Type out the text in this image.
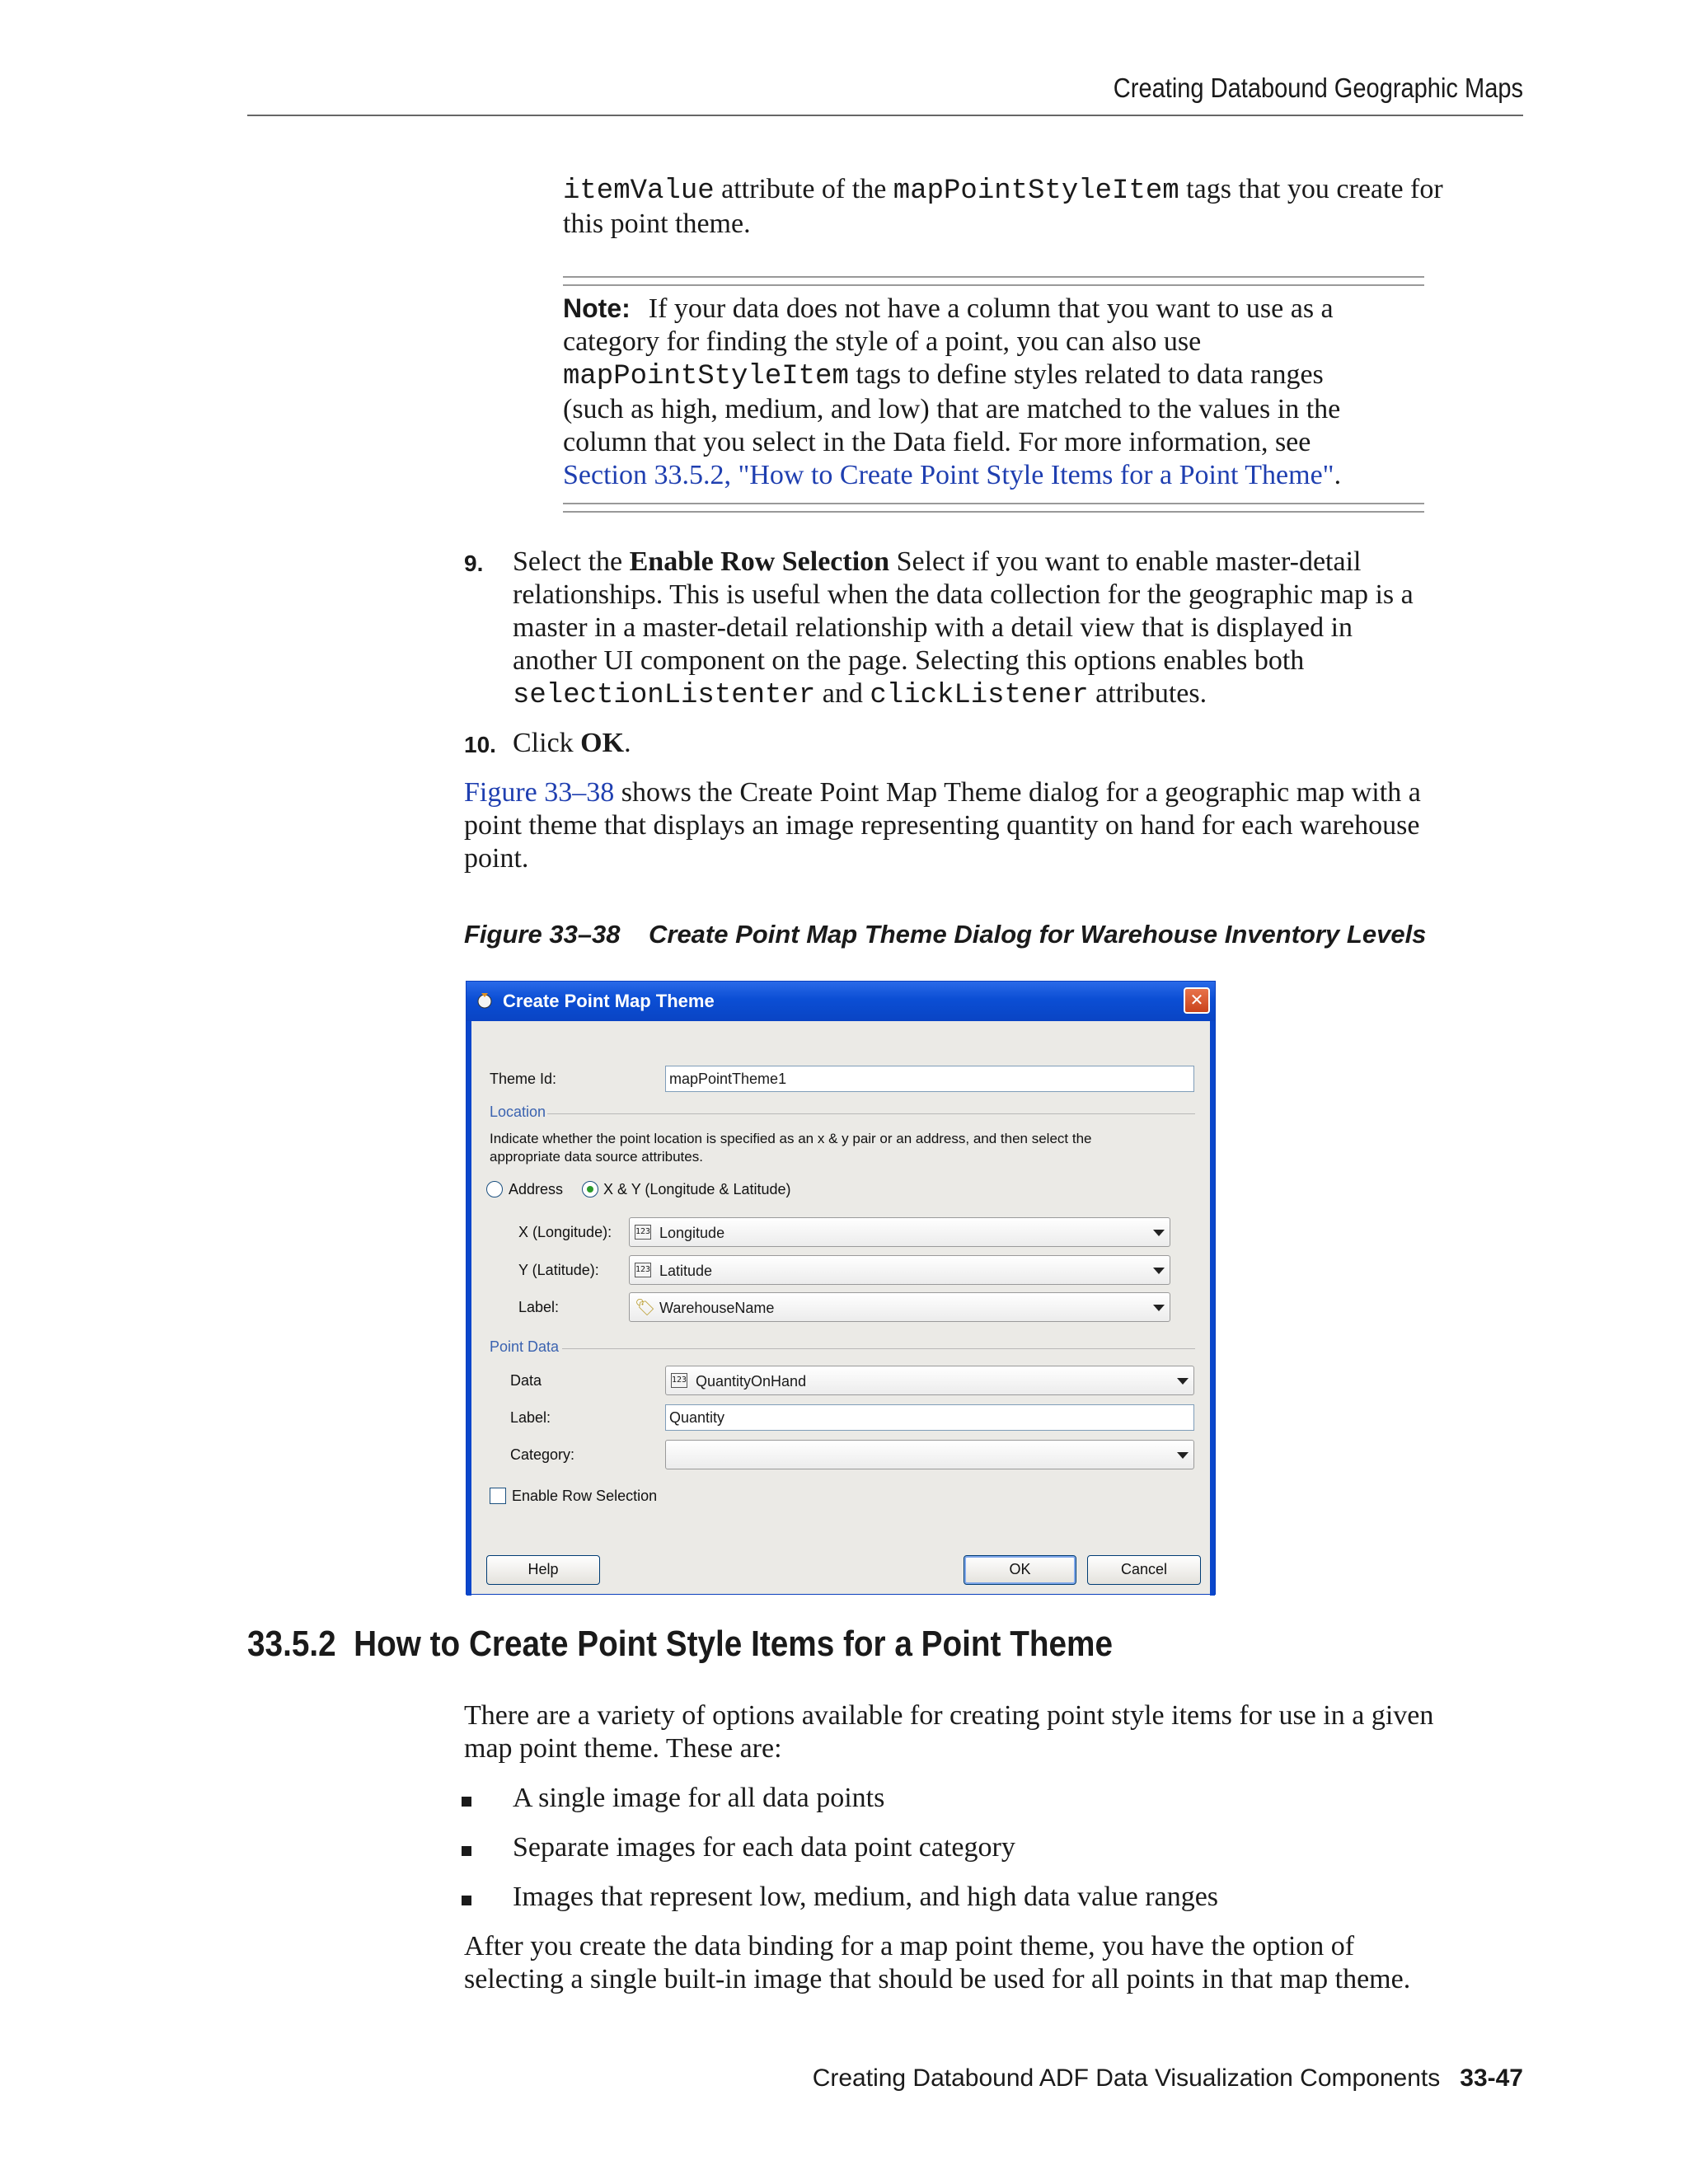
Creating Databound Geographic Maps
itemValue attribute of the mapPointStyleItem tags that you create for
this point theme.
Note: If your data does not have a column that you want to use as a
category for finding the style of a point, you can also use
mapPointStyleItem tags to define styles related to data ranges
(such as high, medium, and low) that are matched to the values in the
column that you select in the Data field. For more information, see
Section 33.5.2, "How to Create Point Style Items for a Point Theme".
9. Select the Enable Row Selection Select if you want to enable master-detail
relationships. This is useful when the data collection for the geographic map is a
master in a master-detail relationship with a detail view that is displayed in
another UI component on the page. Selecting this options enables both
selectionListenter and clickListener attributes.
10. Click OK.
Figure 33–38 shows the Create Point Map Theme dialog for a geographic map with a
point theme that displays an image representing quantity on hand for each warehouse
point.
Figure 33–38    Create Point Map Theme Dialog for Warehouse Inventory Levels
Create Point Map Theme	✕
Theme Id:	mapPointTheme1
Location
Indicate whether the point location is specified as an x & y pair or an address, and then select the
appropriate data source attributes.
Address	X & Y (Longitude & Latitude)
X (Longitude):	123 Longitude
Y (Latitude):	123 Latitude
Label:	🏷 WarehouseName
Point Data
Data	123 QuantityOnHand
Label:	Quantity
Category:
Enable Row Selection
Help	OK	Cancel
33.5.2  How to Create Point Style Items for a Point Theme
There are a variety of options available for creating point style items for use in a given
map point theme. These are:
A single image for all data points
Separate images for each data point category
Images that represent low, medium, and high data value ranges
After you create the data binding for a map point theme, you have the option of
selecting a single built-in image that should be used for all points in that map theme.
Creating Databound ADF Data Visualization Components 33-47
